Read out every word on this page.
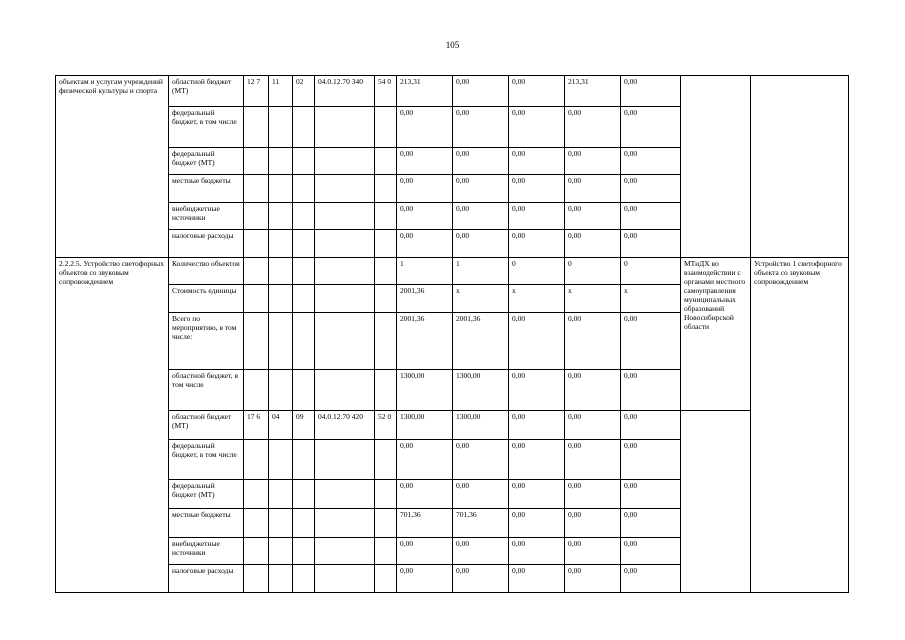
105
объектам и услугам учреждений физической культуры и спорта	областной бюджет (МТ)	12 7	11	02	04.0.12.70 340	54 0	213,31	0,00	0,00	213,31	0,00		
	федеральный бюджет, в том числе						0,00	0,00	0,00	0,00	0,00		
	федеральный бюджет (МТ)						0,00	0,00	0,00	0,00	0,00		
	местные бюджеты						0,00	0,00	0,00	0,00	0,00		
	внебюджетные источники						0,00	0,00	0,00	0,00	0,00		
	налоговые расходы						0,00	0,00	0,00	0,00	0,00		
2.2.2.5. Устройство светофорных объектов со звуковым сопровождением	Количество объектов						1	1	0	0	0	МТиДХ во взаимодействии с органами местного самоуправления муниципальных образований Новосибирской области	Устройство 1 светофорного объекта со звуковым сопровождением
	Стоимость единицы						2001,36	х	х	х	х		
	Всего по мероприятию, в том числе:						2001,36	2001,36	0,00	0,00	0,00		
	областной бюджет, в том числе						1300,00	1300,00	0,00	0,00	0,00		
	областной бюджет (МТ)	17 6	04	09	04.0.12.70 420	52 0	1300,00	1300,00	0,00	0,00	0,00		
	федеральный бюджет, в том числе						0,00	0,00	0,00	0,00	0,00		
	федеральный бюджет (МТ)						0,00	0,00	0,00	0,00	0,00		
	местные бюджеты						701,36	701,36	0,00	0,00	0,00		
	внебюджетные источники						0,00	0,00	0,00	0,00	0,00		
	налоговые расходы						0,00	0,00	0,00	0,00	0,00		
